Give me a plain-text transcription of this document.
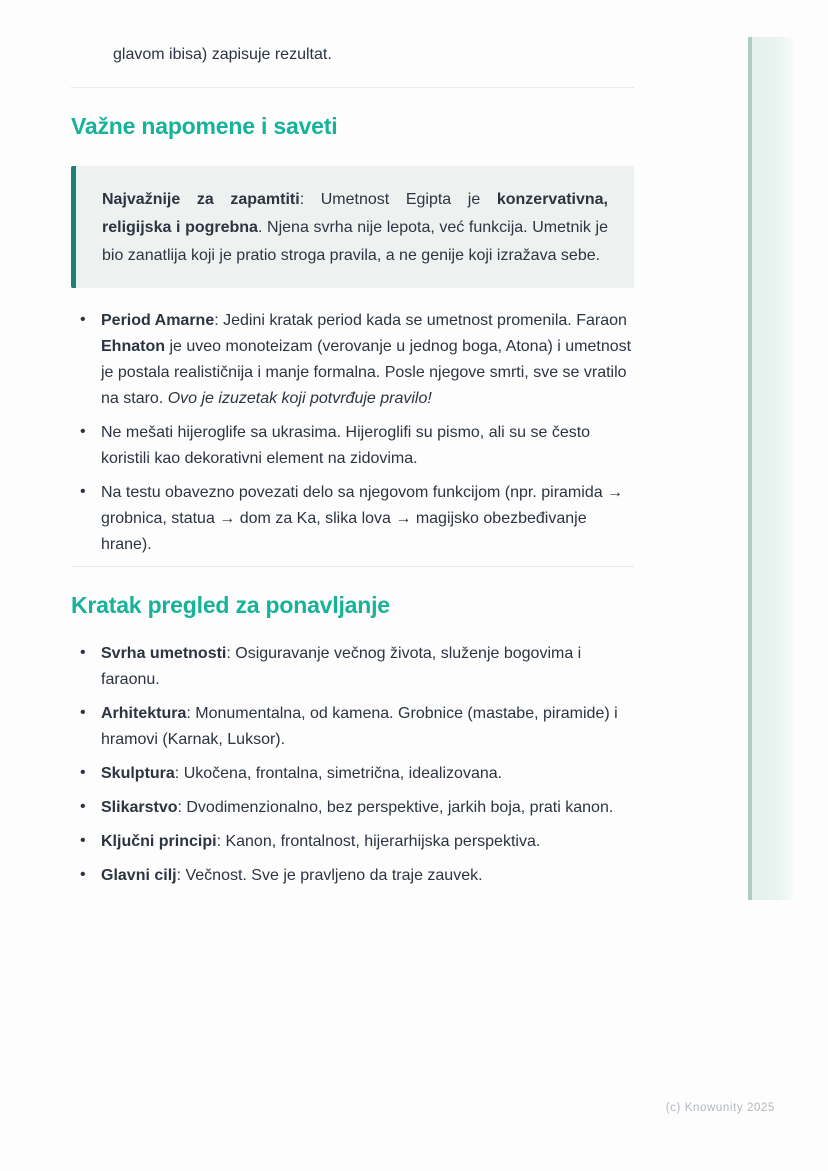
glavom ibisa) zapisuje rezultat.

Važne napomene i saveti
Najvažnije za zapamtiti: Umetnost Egipta je konzervativna, religijska i pogrebna. Njena svrha nije lepota, već funkcija. Umetnik je bio zanatlija koji je pratio stroga pravila, a ne genije koji izražava sebe.
• Period Amarne: Jedini kratak period kada se umetnost promenila. Faraon Ehnaton je uveo monoteizam (verovanje u jednog boga, Atona) i umetnost je postala realističnija i manje formalna. Posle njegove smrti, sve se vratilo na staro. Ovo je izuzetak koji potvrđuje pravilo!
• Ne mešati hijeroglife sa ukrasima. Hijeroglifi su pismo, ali su se često koristili kao dekorativni element na zidovima.
• Na testu obavezno povezati delo sa njegovom funkcijom (npr. piramida → grobnica, statua → dom za Ka, slika lova → magijsko obezbeđivanje hrane).
Kratak pregled za ponavljanje
• Svrha umetnosti: Osiguravanje večnog života, služenje bogovima i faraonu.
• Arhitektura: Monumentalna, od kamena. Grobnice (mastabe, piramide) i hramovi (Karnak, Luksor).
• Skulptura: Ukočena, frontalna, simetrična, idealizovana.
• Slikarstvo: Dvodimenzionalno, bez perspektive, jarkih boja, prati kanon.
• Ključni principi: Kanon, frontalnost, hijerarhijska perspektiva.
• Glavni cilj: Večnost. Sve je pravljeno da traje zauvek.
(c) Knowunity 2025
